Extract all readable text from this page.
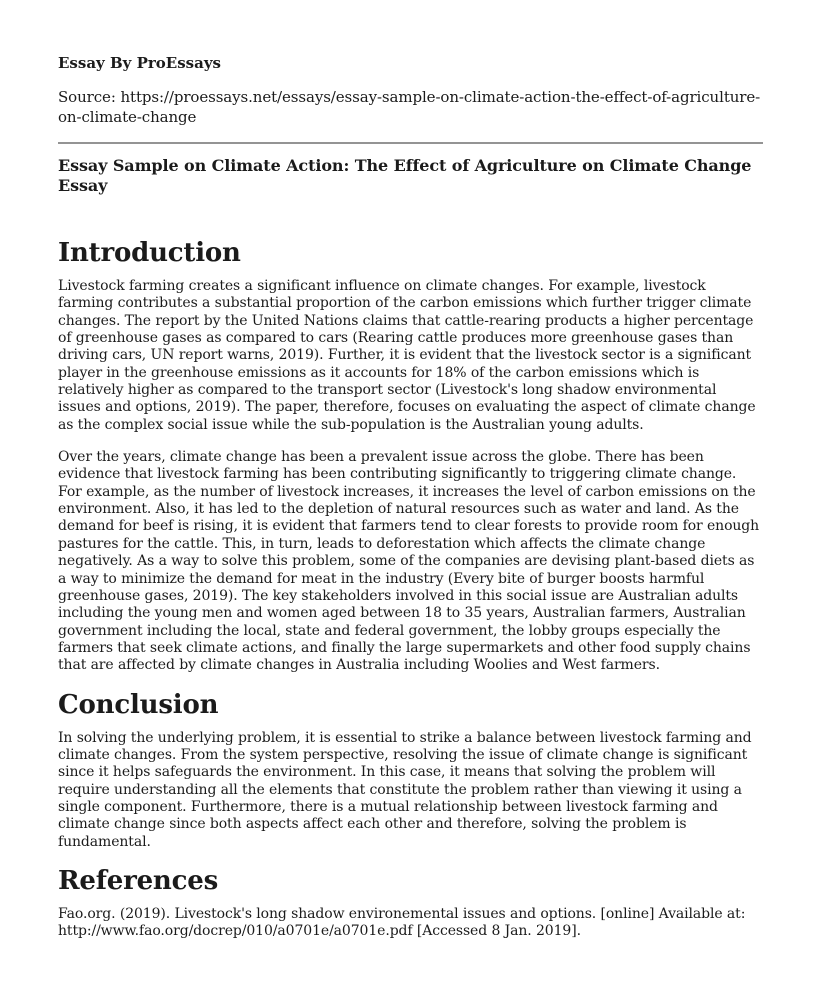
Essay By ProEssays

Source: https://proessays.net/essays/essay-sample-on-climate-action-the-effect-of-agriculture-on-climate-change

Essay Sample on Climate Action: The Effect of Agriculture on Climate Change Essay
Introduction

Livestock farming creates a significant influence on climate changes. For example, livestock farming contributes a substantial proportion of the carbon emissions which further trigger climate changes. The report by the United Nations claims that cattle-rearing products a higher percentage of greenhouse gases as compared to cars (Rearing cattle produces more greenhouse gases than driving cars, UN report warns, 2019). Further, it is evident that the livestock sector is a significant player in the greenhouse emissions as it accounts for 18% of the carbon emissions which is relatively higher as compared to the transport sector (Livestock's long shadow environmental issues and options, 2019). The paper, therefore, focuses on evaluating the aspect of climate change as the complex social issue while the sub-population is the Australian young adults.

Over the years, climate change has been a prevalent issue across the globe. There has been evidence that livestock farming has been contributing significantly to triggering climate change. For example, as the number of livestock increases, it increases the level of carbon emissions on the environment. Also, it has led to the depletion of natural resources such as water and land. As the demand for beef is rising, it is evident that farmers tend to clear forests to provide room for enough pastures for the cattle. This, in turn, leads to deforestation which affects the climate change negatively. As a way to solve this problem, some of the companies are devising plant-based diets as a way to minimize the demand for meat in the industry (Every bite of burger boosts harmful greenhouse gases, 2019). The key stakeholders involved in this social issue are Australian adults including the young men and women aged between 18 to 35 years, Australian farmers, Australian government including the local, state and federal government, the lobby groups especially the farmers that seek climate actions, and finally the large supermarkets and other food supply chains that are affected by climate changes in Australia including Woolies and West farmers.

Conclusion

In solving the underlying problem, it is essential to strike a balance between livestock farming and climate changes. From the system perspective, resolving the issue of climate change is significant since it helps safeguards the environment. In this case, it means that solving the problem will require understanding all the elements that constitute the problem rather than viewing it using a single component. Furthermore, there is a mutual relationship between livestock farming and climate change since both aspects affect each other and therefore, solving the problem is fundamental.

References

Fao.org. (2019). Livestock's long shadow environemental issues and options. [online] Available at: http://www.fao.org/docrep/010/a0701e/a0701e.pdf [Accessed 8 Jan. 2019].
